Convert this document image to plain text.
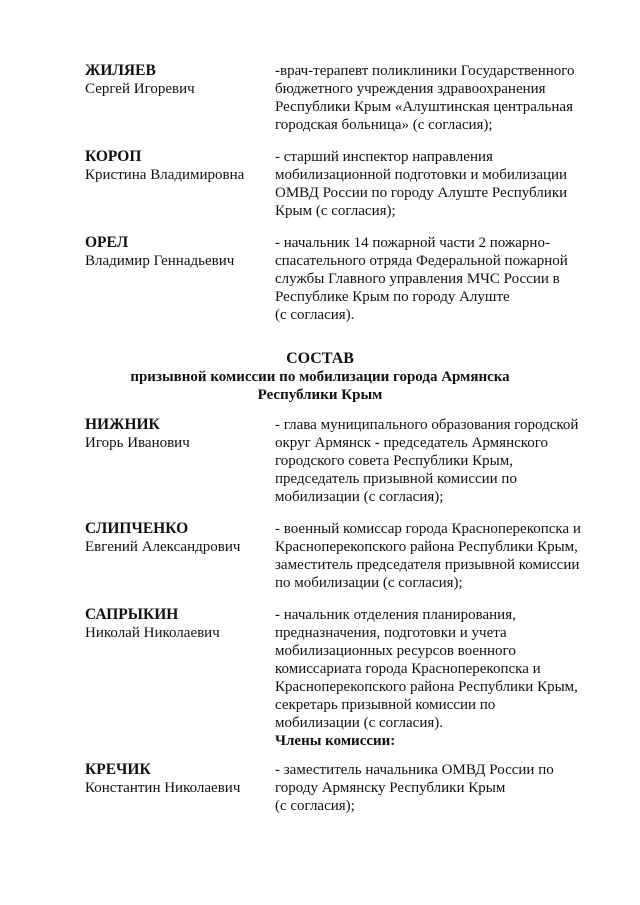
ЖИЛЯЕВ
Сергей Игоревич
-врач-терапевт поликлиники Государственного
бюджетного учреждения здравоохранения
Республики Крым «Алуштинская центральная
городская больница» (с согласия);
КОРОП
Кристина Владимировна
- старший инспектор направления
мобилизационной подготовки и мобилизации
ОМВД России по городу Алуште Республики
Крым (с согласия);
ОРЕЛ
Владимир Геннадьевич
- начальник 14 пожарной части 2 пожарно-
спасательного отряда Федеральной пожарной
службы Главного управления МЧС России в
Республике Крым по городу Алуште
(с согласия).
СОСТАВ
призывной комиссии по мобилизации города Армянска
Республики Крым
НИЖНИК
Игорь Иванович
- глава муниципального образования городской
округ Армянск - председатель Армянского
городского совета Республики Крым,
председатель призывной комиссии по
мобилизации (с согласия);
СЛИПЧЕНКО
Евгений Александрович
- военный комиссар города Красноперекопска и
Красноперекопского района Республики Крым,
заместитель председателя призывной комиссии
по мобилизации (с согласия);
САПРЫКИН
Николай Николаевич
- начальник отделения планирования,
предназначения, подготовки и учета
мобилизационных ресурсов военного
комиссариата города Красноперекопска и
Красноперекопского района Республики Крым,
секретарь призывной комиссии по
мобилизации (с согласия).
Члены комиссии:
КРЕЧИК
Константин Николаевич
- заместитель начальника ОМВД России по
городу Армянску Республики Крым
(с согласия);
